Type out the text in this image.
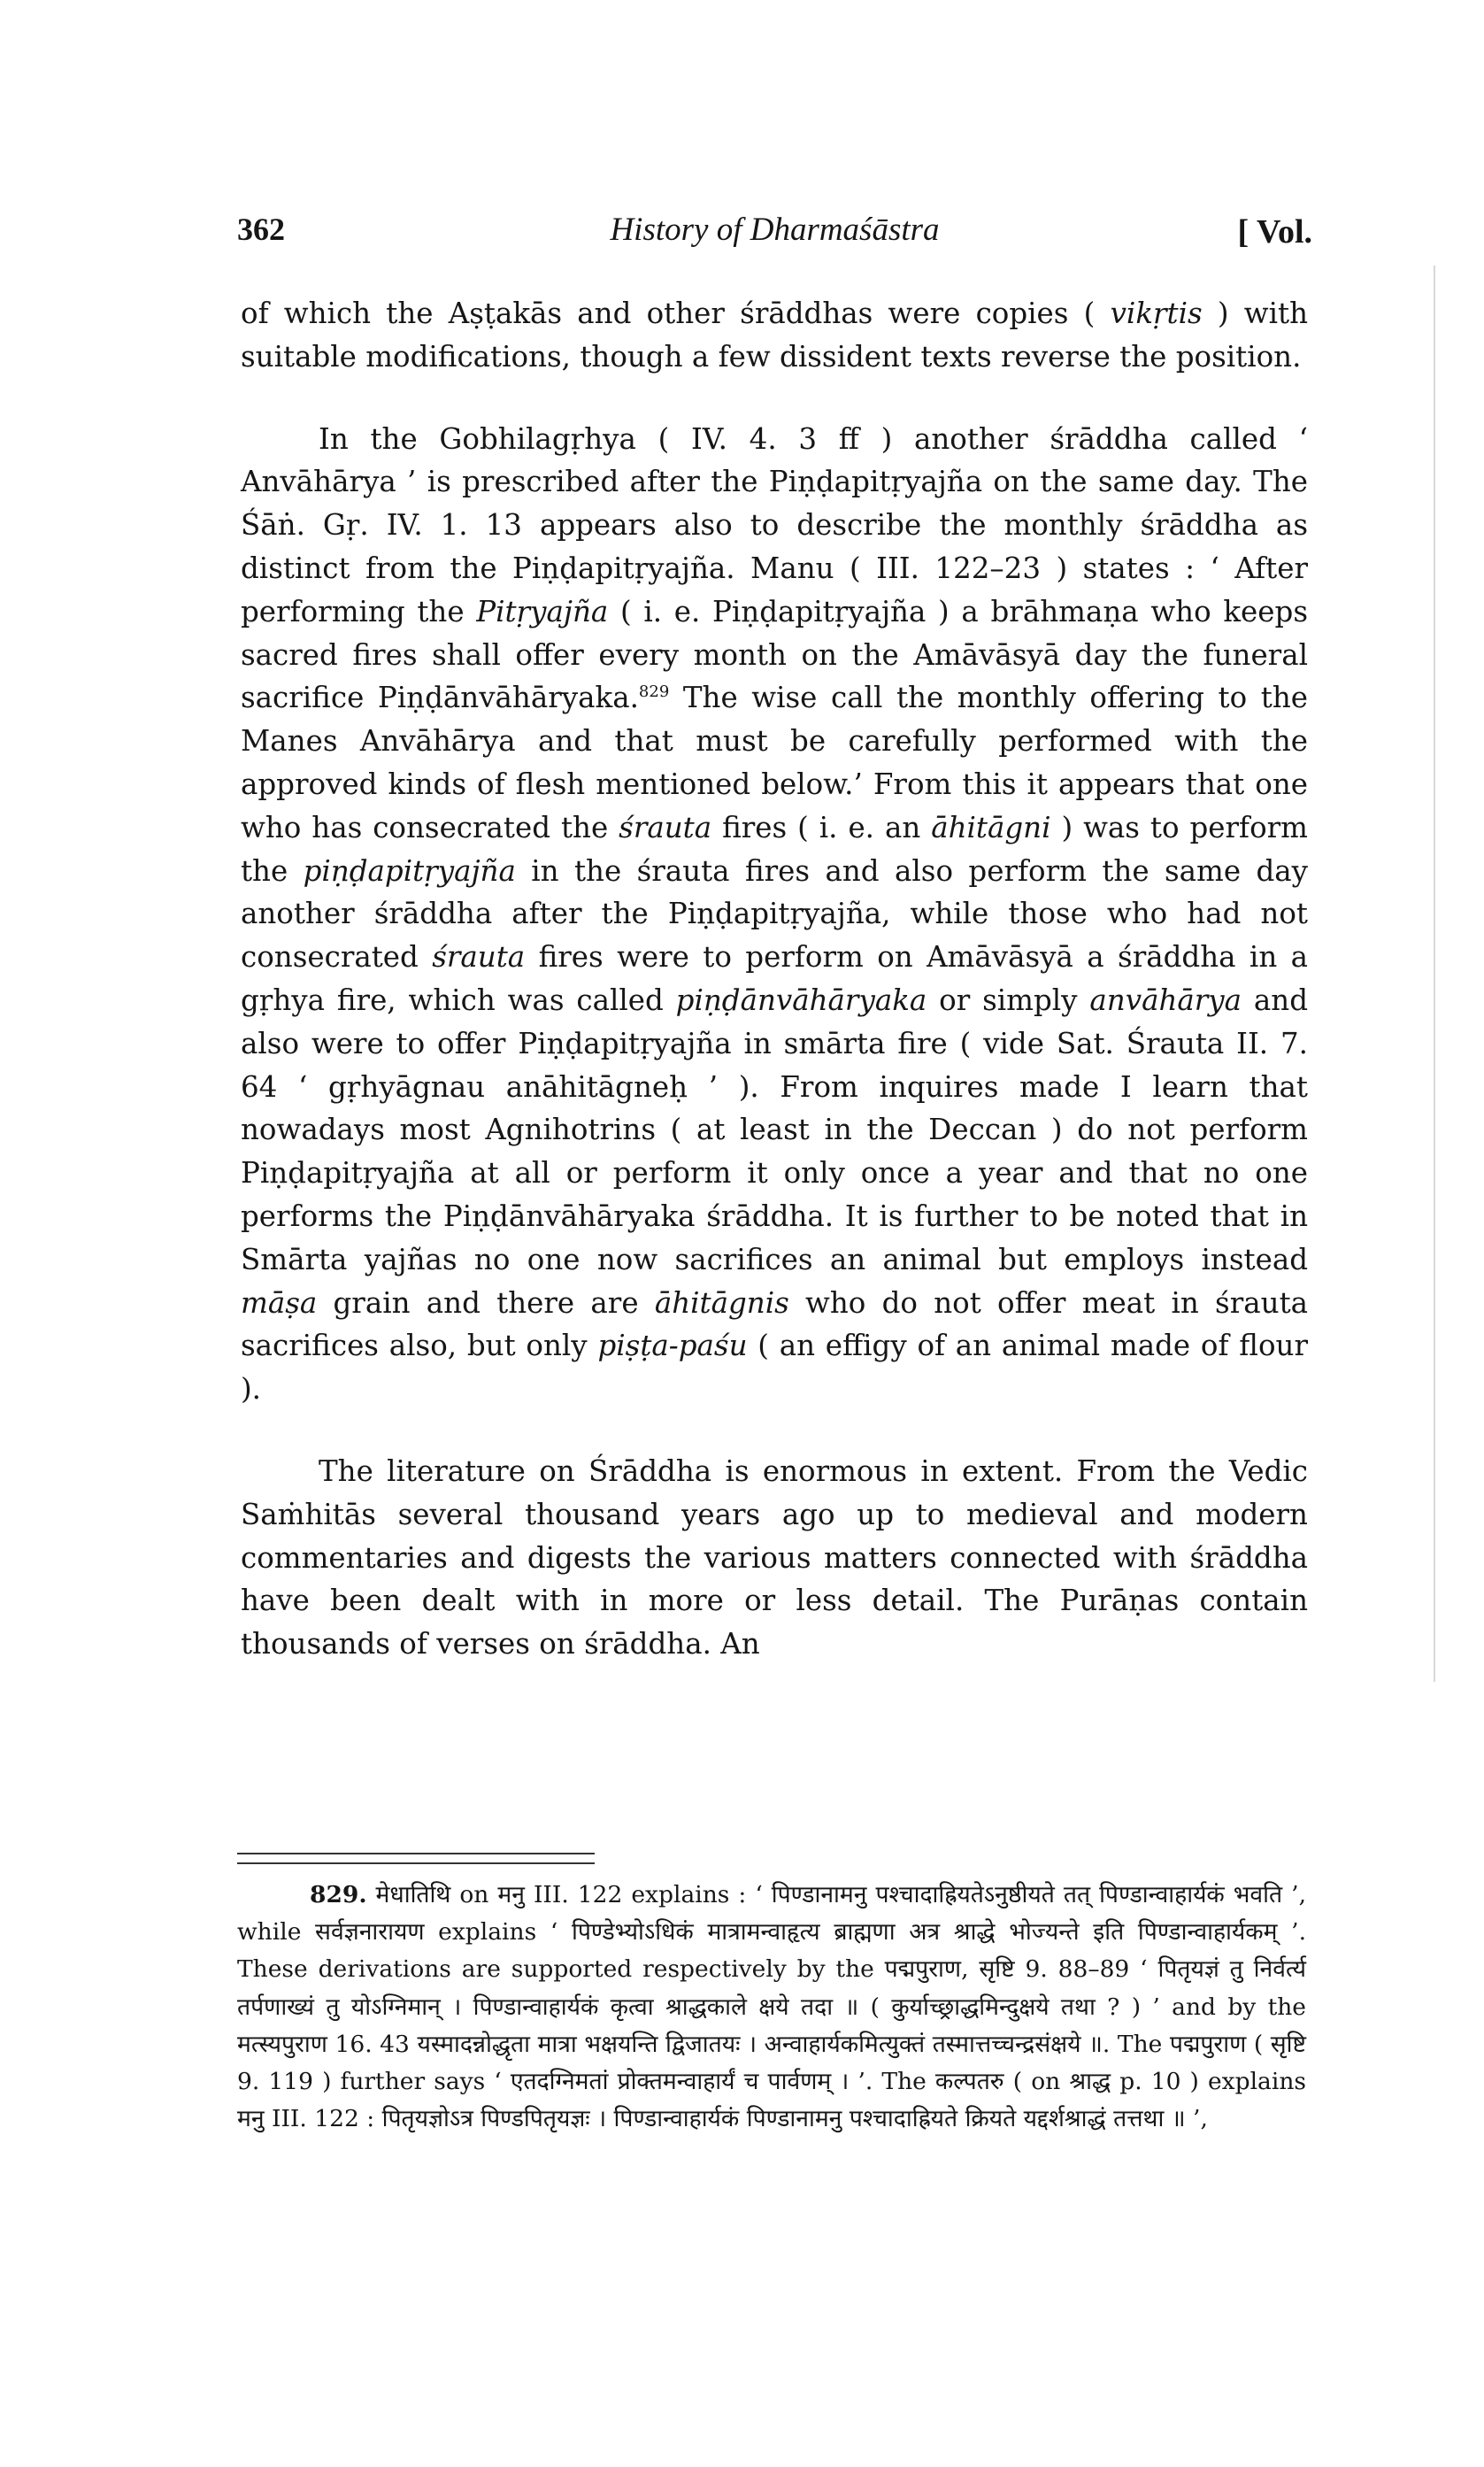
362	History of Dharmaśāstra	[ Vol.

of which the Aṣṭakās and other śrāddhas were copies ( vikṛtis ) with suitable modifications, though a few dissident texts reverse the position.

In the Gobhilagṛhya ( IV. 4. 3 ff ) another śrāddha called ‘ Anvāhārya ’ is prescribed after the Piṇḍapitṛyajña on the same day. The Śāṅ. Gṛ. IV. 1. 13 appears also to describe the monthly śrāddha as distinct from the Piṇḍapitṛyajña. Manu ( III. 122–23 ) states : ‘ After performing the Pitṛyajña ( i. e. Piṇḍapitṛyajña ) a brāhmaṇa who keeps sacred fires shall offer every month on the Amāvāsyā day the funeral sacrifice Piṇḍānvāhāryaka.$^{829}$ The wise call the monthly offering to the Manes Anvāhārya and that must be carefully performed with the approved kinds of flesh mentioned below.’ From this it appears that one who has consecrated the śrauta fires ( i. e. an āhitāgni ) was to perform the piṇḍapitṛyajña in the śrauta fires and also perform the same day another śrāddha after the Piṇḍapitṛyajña, while those who had not consecrated śrauta fires were to perform on Amāvāsyā a śrāddha in a gṛhya fire, which was called piṇḍānvāhāryaka or simply anvāhārya and also were to offer Piṇḍapitṛyajña in smārta fire ( vide Sat. Śrauta II. 7. 64 ‘ gṛhyāgnau anāhitāgneḥ ’ ). From inquires made I learn that nowadays most Agnihotrins ( at least in the Deccan ) do not perform Piṇḍapitṛyajña at all or perform it only once a year and that no one performs the Piṇḍānvāhāryaka śrāddha. It is further to be noted that in Smārta yajñas no one now sacrifices an animal but employs instead māṣa grain and there are āhitāgnis who do not offer meat in śrauta sacrifices also, but only piṣṭa-paśu ( an effigy of an animal made of flour ).

The literature on Śrāddha is enormous in extent. From the Vedic Saṁhitās several thousand years ago up to medieval and modern commentaries and digests the various matters connected with śrāddha have been dealt with in more or less detail. The Purāṇas contain thousands of verses on śrāddha. An

829. मेधातिथि on मनु III. 122 explains : ‘ पिण्डानामनु पश्चादाह्रियतेऽनुष्ठीयते तत् पिण्डान्वाहार्यकं भवति ’, while सर्वज्ञनारायण explains ‘ पिण्डेभ्योऽधिकं मात्रामन्वाहृत्य ब्राह्मणा अत्र श्राद्धे भोज्यन्ते इति पिण्डान्वाहार्यकम् ’. These derivations are supported respectively by the पद्मपुराण, सृष्टि 9. 88–89 ‘ पितृयज्ञं तु निर्वर्त्य तर्पणाख्यं तु योऽग्निमान् । पिण्डान्वाहार्यकं कृत्वा श्राद्धकाले क्षये तदा ॥ ( कुर्याच्छ्राद्धमिन्दुक्षये तथा ? ) ’ and by the मत्स्यपुराण 16. 43 यस्मादन्नोद्धृता मात्रा भक्षयन्ति द्विजातयः । अन्वाहार्यकमित्युक्तं तस्मात्तच्चन्द्रसंक्षये ॥. The पद्मपुराण ( सृष्टि 9. 119 ) further says ‘ एतदग्निमतां प्रोक्तमन्वाहार्यं च पार्वणम् । ’. The कल्पतरु ( on श्राद्ध p. 10 ) explains मनु III. 122 : पितृयज्ञोऽत्र पिण्डपितृयज्ञः । पिण्डान्वाहार्यकं पिण्डानामनु पश्चादाह्रियते क्रियते यद्दर्शश्राद्धं तत्तथा ॥ ’,
